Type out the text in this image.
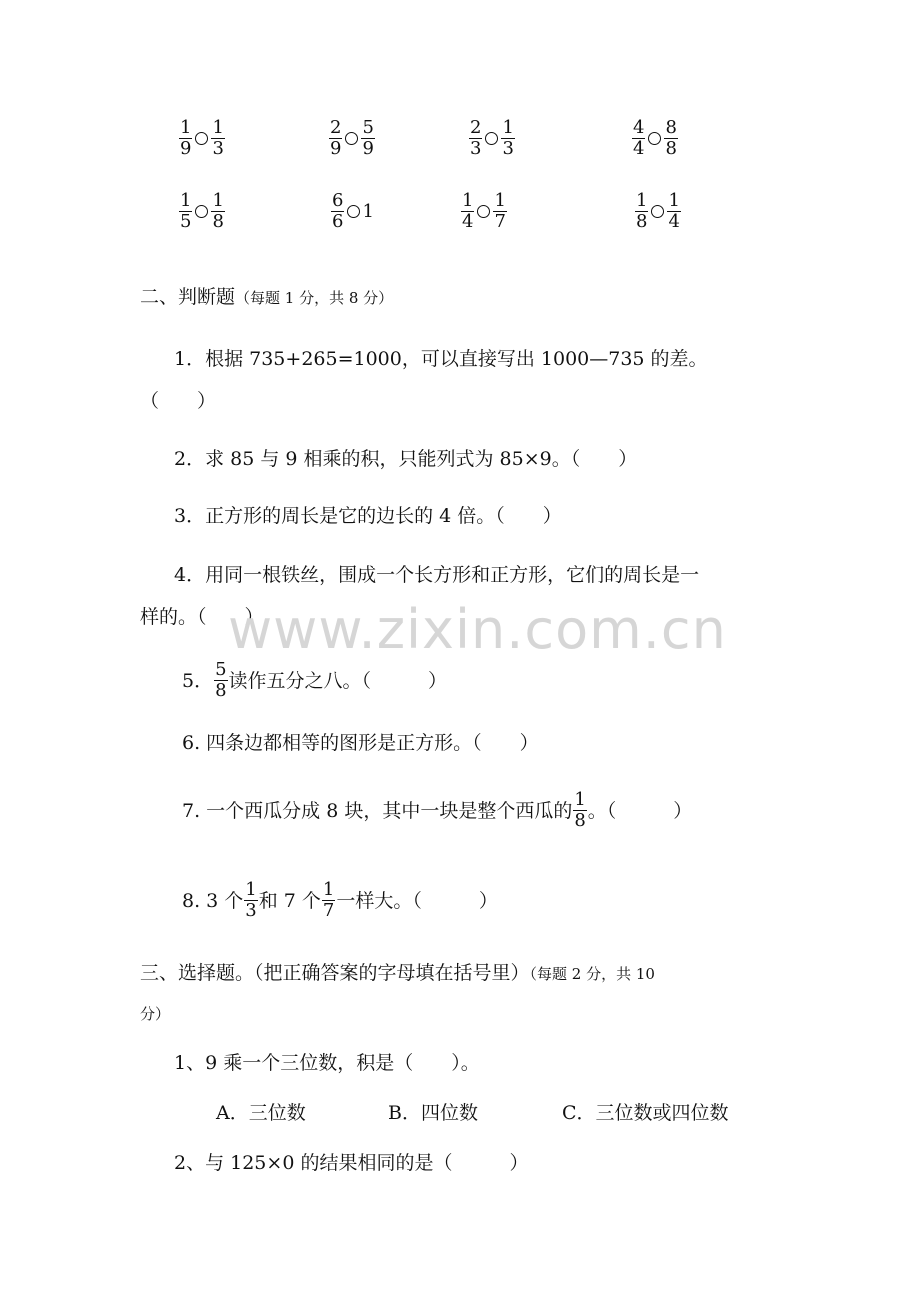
$\frac{1}{9} \frac{1}{3}$	$\frac{2}{9} \frac{5}{9}$	$\frac{2}{3} \frac{1}{3}$	$\frac{4}{4} \frac{8}{8}$
$\frac{1}{5} \frac{1}{8}$	$\frac{6}{6} 1$	$\frac{1}{4} \frac{1}{7}$	$\frac{1}{8} \frac{1}{4}$
二、判断题（每题 1 分，共 8 分）
1．根据 735+265=1000，可以直接写出 1000—735 的差。
（　　）
2．求 85 与 9 相乘的积，只能列式为 85×9。（　　）
3．正方形的周长是它的边长的 4 倍。（　　）
4．用同一根铁丝，围成一个长方形和正方形，它们的周长是一
样的。（　　）
5． $\frac{5}{8}$ 读作五分之八。（　　　）
6. 四条边都相等的图形是正方形。（　　）
7. 一个西瓜分成 8 块，其中一块是整个西瓜的 $\frac{1}{8}$ 。（　　　）
8. 3 个 $\frac{1}{3}$ 和 7 个 $\frac{1}{7}$ 一样大。（　　　）
三、选择题。（把正确答案的字母填在括号里）（每题 2 分，共 10
分）
1、9 乘一个三位数，积是（　　）。
A．三位数	B．四位数	C．三位数或四位数
2、与 125×0 的结果相同的是（　　　）
www.zixin.com.cn
